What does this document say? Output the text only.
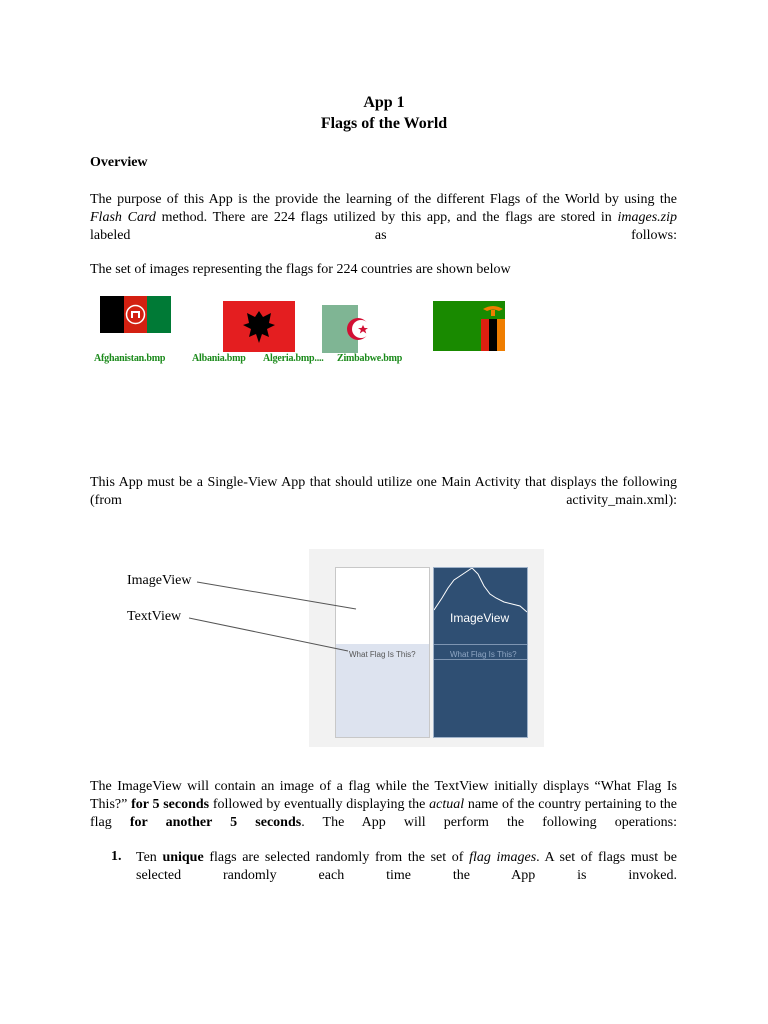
App 1

Flags of the World

Overview

The purpose of this App is the provide the learning of the different Flags of the World by using the Flash Card method. There are 224 flags utilized by this app, and the flags are stored in images.zip labeled as follows:

The set of images representing the flags for 224 countries are shown below

Afghanistan.bmp	Albania.bmp Algeria.bmp.... Zimbabwe.bmp

This App must be a Single-View App that should utilize one Main Activity that displays the following (from activity_main.xml):

What Flag Is This?
ImageView
What Flag Is This?
ImageView
TextView

The ImageView will contain an image of a flag while the TextView initially displays “What Flag Is This?” for 5 seconds followed by eventually displaying the actual name of the country pertaining to the flag for another 5 seconds. The App will perform the following operations:

1. Ten unique flags are selected randomly from the set of flag images. A set of flags must be selected randomly each time the App is invoked.
